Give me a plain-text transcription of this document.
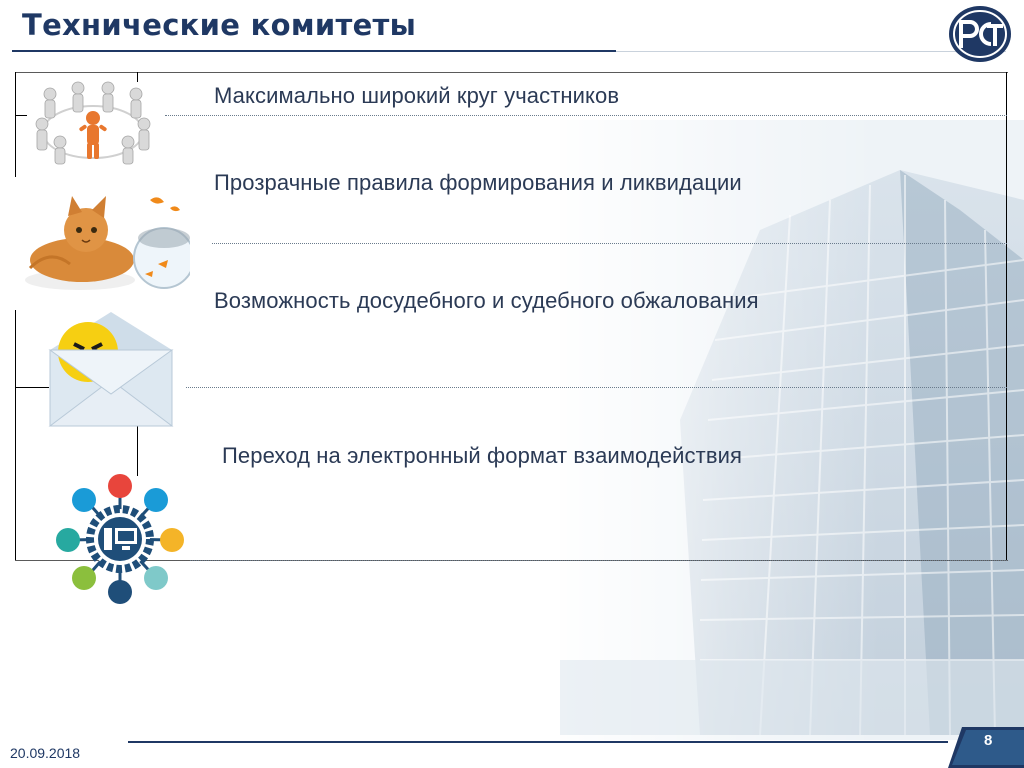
Технические комитеты
Максимально широкий круг участников
Прозрачные правила формирования и ликвидации
Возможность досудебного и судебного обжалования
Переход на электронный формат взаимодействия
20.09.2018
8
